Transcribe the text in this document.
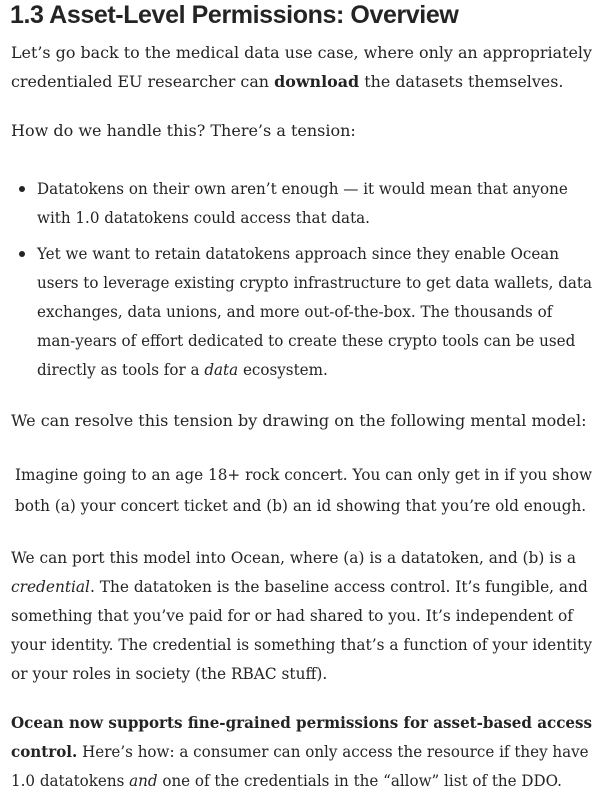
1.3 Asset-Level Permissions: Overview

Let’s go back to the medical data use case, where only an appropriately
credentialed EU researcher can download the datasets themselves.

How do we handle this? There’s a tension:

Datatokens on their own aren’t enough — it would mean that anyone
with 1.0 datatokens could access that data.
Yet we want to retain datatokens approach since they enable Ocean
users to leverage existing crypto infrastructure to get data wallets, data
exchanges, data unions, and more out-of-the-box. The thousands of
man-years of effort dedicated to create these crypto tools can be used
directly as tools for a data ecosystem.

We can resolve this tension by drawing on the following mental model:

Imagine going to an age 18+ rock concert. You can only get in if you show
both (a) your concert ticket and (b) an id showing that you’re old enough.

We can port this model into Ocean, where (a) is a datatoken, and (b) is a
credential. The datatoken is the baseline access control. It’s fungible, and
something that you’ve paid for or had shared to you. It’s independent of
your identity. The credential is something that’s a function of your identity
or your roles in society (the RBAC stuff).

Ocean now supports fine-grained permissions for asset-based access
control. Here’s how: a consumer can only access the resource if they have
1.0 datatokens and one of the credentials in the “allow” list of the DDO.
